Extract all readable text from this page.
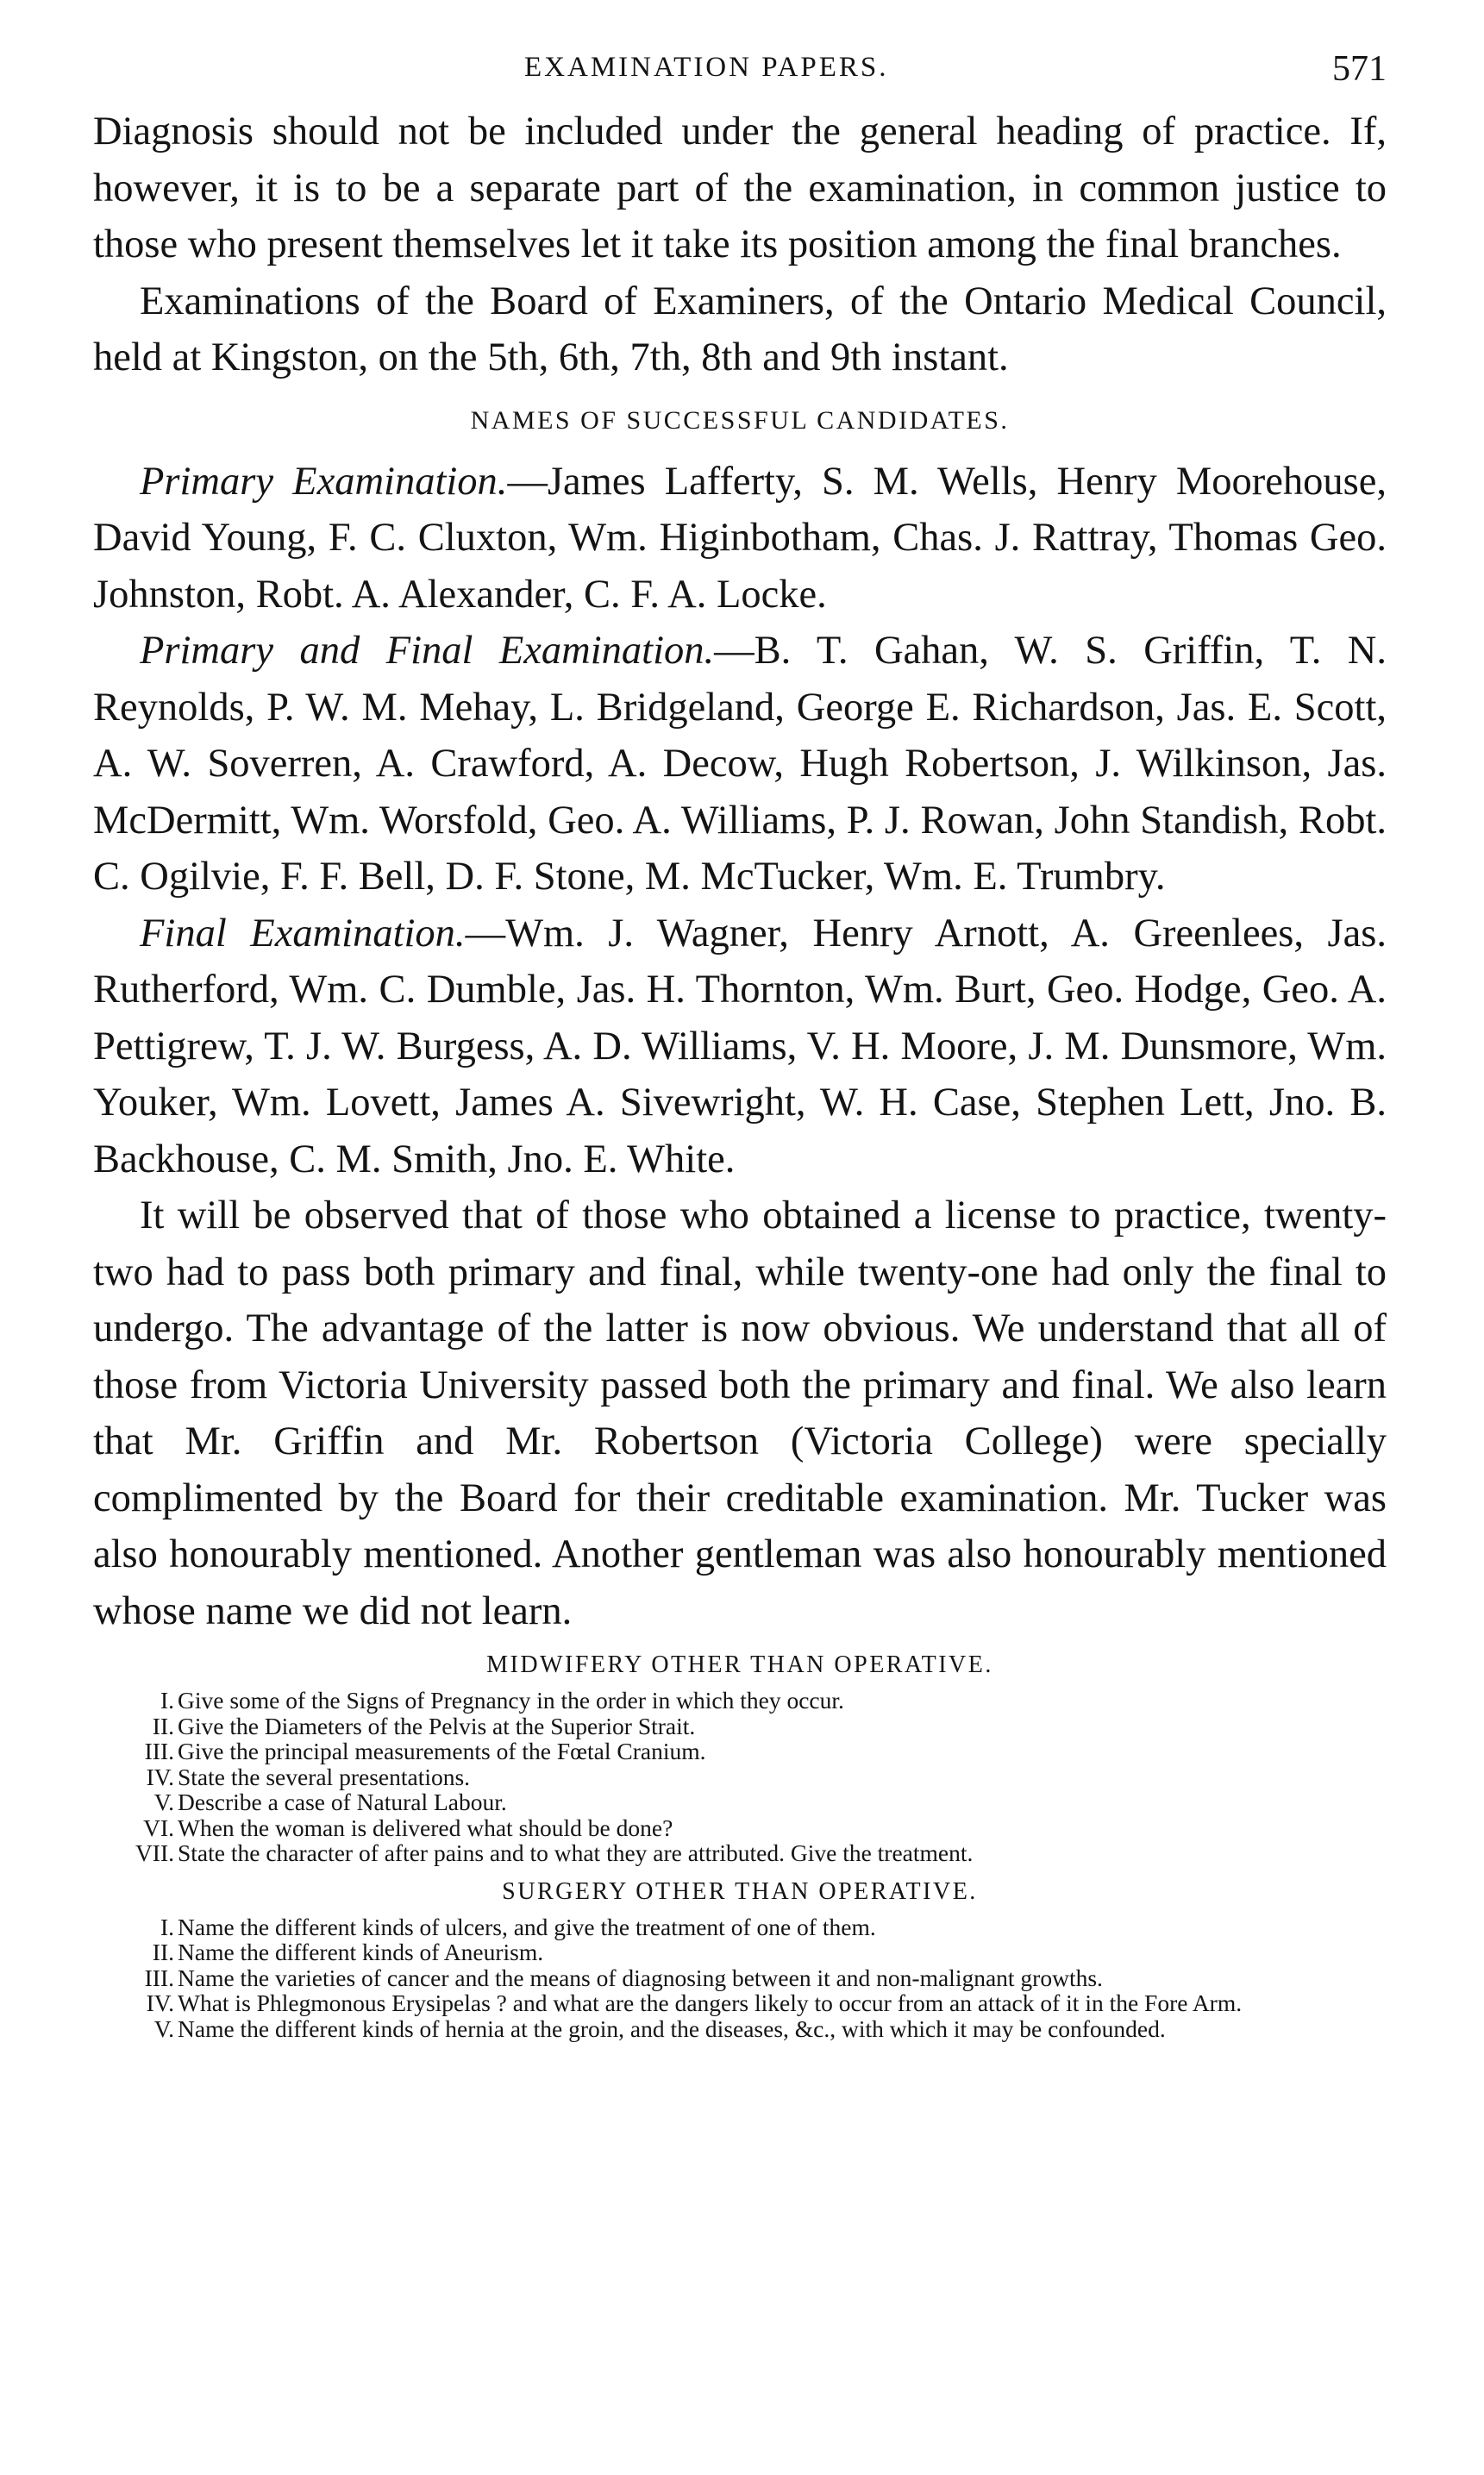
EXAMINATION PAPERS.	571

Diagnosis should not be included under the general heading of practice. If, however, it is to be a separate part of the examination, in common justice to those who present themselves let it take its position among the final branches.

Examinations of the Board of Examiners, of the Ontario Medical Council, held at Kingston, on the 5th, 6th, 7th, 8th and 9th instant.

NAMES OF SUCCESSFUL CANDIDATES.

Primary Examination.—James Lafferty, S. M. Wells, Henry Moorehouse, David Young, F. C. Cluxton, Wm. Higinbotham, Chas. J. Rattray, Thomas Geo. Johnston, Robt. A. Alexander, C. F. A. Locke.

Primary and Final Examination.—B. T. Gahan, W. S. Griffin, T. N. Reynolds, P. W. M. Mehay, L. Bridgeland, George E. Richardson, Jas. E. Scott, A. W. Soverren, A. Crawford, A. Decow, Hugh Robertson, J. Wilkinson, Jas. McDermitt, Wm. Worsfold, Geo. A. Williams, P. J. Rowan, John Standish, Robt. C. Ogilvie, F. F. Bell, D. F. Stone, M. McTucker, Wm. E. Trumbry.

Final Examination.—Wm. J. Wagner, Henry Arnott, A. Greenlees, Jas. Rutherford, Wm. C. Dumble, Jas. H. Thornton, Wm. Burt, Geo. Hodge, Geo. A. Pettigrew, T. J. W. Burgess, A. D. Williams, V. H. Moore, J. M. Dunsmore, Wm. Youker, Wm. Lovett, James A. Sivewright, W. H. Case, Stephen Lett, Jno. B. Backhouse, C. M. Smith, Jno. E. White.

It will be observed that of those who obtained a license to practice, twenty-two had to pass both primary and final, while twenty-one had only the final to undergo. The advantage of the latter is now obvious. We understand that all of those from Victoria University passed both the primary and final. We also learn that Mr. Griffin and Mr. Robertson (Victoria College) were specially complimented by the Board for their creditable examination. Mr. Tucker was also honourably mentioned. Another gentleman was also honourably mentioned whose name we did not learn.

MIDWIFERY OTHER THAN OPERATIVE.
I. Give some of the Signs of Pregnancy in the order in which they occur.
II. Give the Diameters of the Pelvis at the Superior Strait.
III. Give the principal measurements of the Fœtal Cranium.
IV. State the several presentations.
V. Describe a case of Natural Labour.
VI. When the woman is delivered what should be done?
VII. State the character of after pains and to what they are attributed. Give the treatment.
SURGERY OTHER THAN OPERATIVE.
I. Name the different kinds of ulcers, and give the treatment of one of them.
II. Name the different kinds of Aneurism.
III. Name the varieties of cancer and the means of diagnosing between it and non-malignant growths.
IV. What is Phlegmonous Erysipelas ? and what are the dangers likely to occur from an attack of it in the Fore Arm.
V. Name the different kinds of hernia at the groin, and the diseases, &c., with which it may be confounded.
